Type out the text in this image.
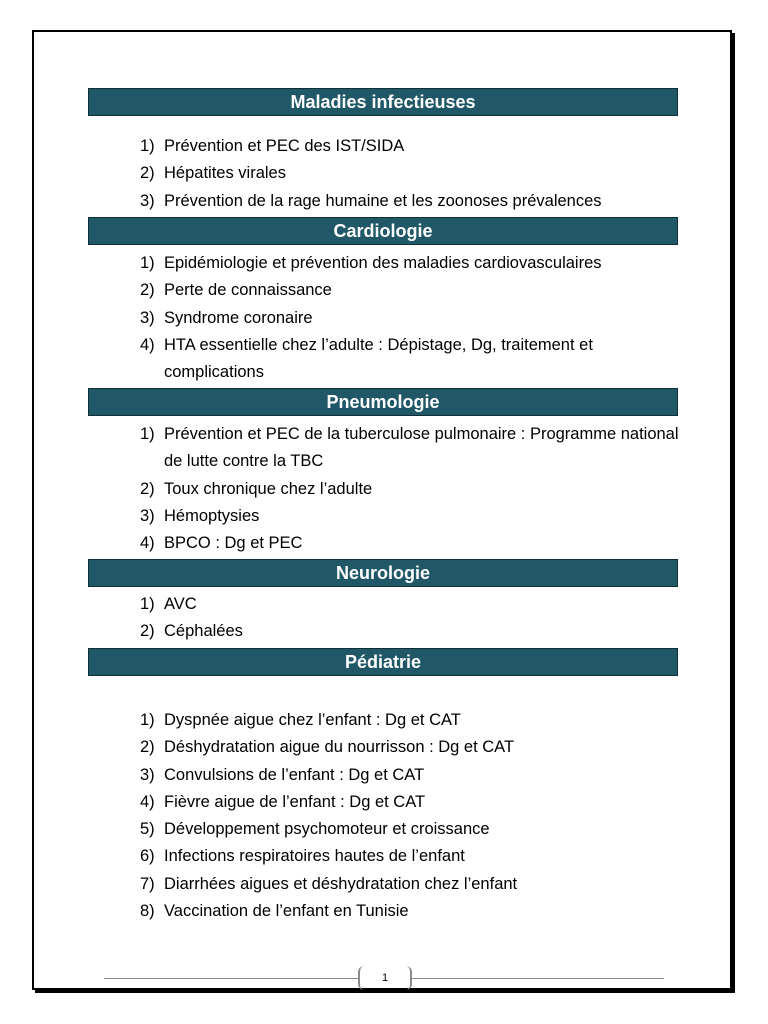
Maladies infectieuses
1) Prévention et PEC des IST/SIDA
2) Hépatites virales
3) Prévention de la rage humaine et les zoonoses prévalences
Cardiologie
1) Epidémiologie et prévention des maladies cardiovasculaires
2) Perte de connaissance
3) Syndrome coronaire
4) HTA essentielle chez l’adulte : Dépistage, Dg, traitement et complications
Pneumologie
1) Prévention et PEC de la tuberculose pulmonaire : Programme national de lutte contre la TBC
2) Toux chronique chez l’adulte
3) Hémoptysies
4) BPCO : Dg et PEC
Neurologie
1) AVC
2) Céphalées
Pédiatrie
1) Dyspnée aigue chez l’enfant : Dg et CAT
2) Déshydratation aigue du nourrisson : Dg et CAT
3) Convulsions de l’enfant : Dg et CAT
4) Fièvre aigue de l’enfant : Dg et CAT
5) Développement psychomoteur et croissance
6) Infections respiratoires hautes de l’enfant
7) Diarrhées aigues et déshydratation chez l’enfant
8) Vaccination de l’enfant en Tunisie
1
